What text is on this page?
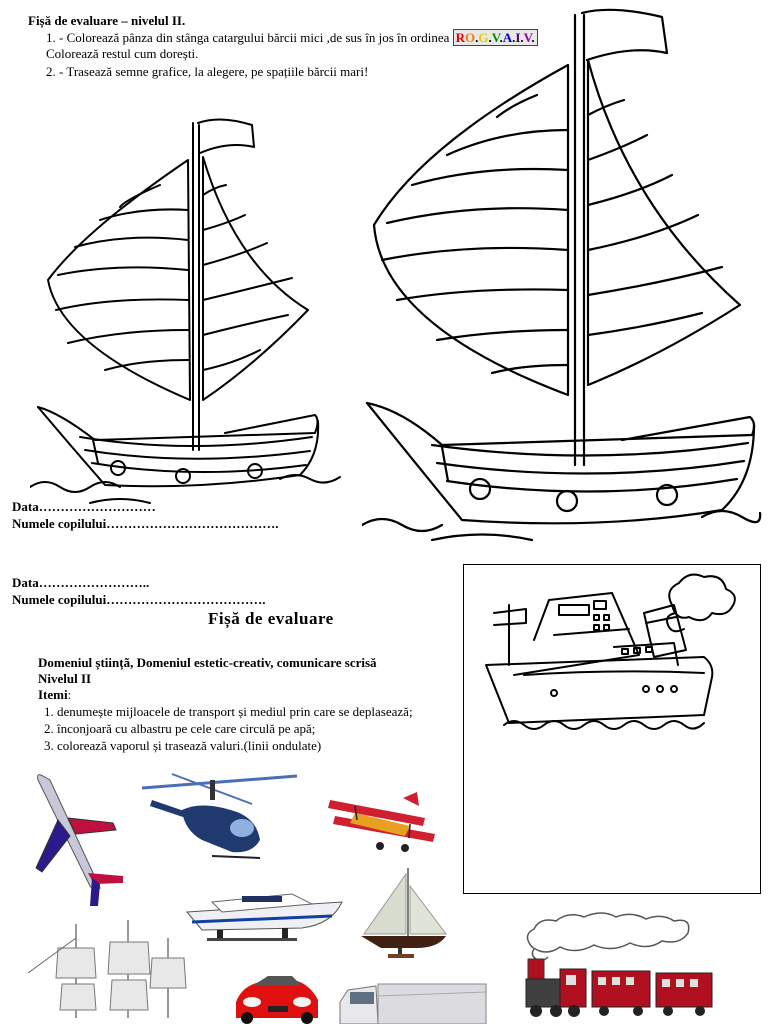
Fișă de evaluare – nivelul II.
1. - Colorează pânza din stânga catargului bărcii mici ,de sus în jos în ordinea RO.G.V.A.I.V.
Colorează restul cum dorești.
2. - Trasează semne grafice, la alegere, pe spațiile bărcii mari!
Data………………………
Numele copilului………………………………….
Data……………………..
Numele copilului……………………………….
Fișă de evaluare
Domeniul științã, Domeniul estetic-creativ, comunicare scrisă
Nivelul II
Itemi:
1. denumește mijloacele de transport și mediul prin care se deplasează;
2. înconjoară cu albastru pe cele care circulă pe apă;
3. colorează vaporul și trasează valuri.(linii ondulate)
